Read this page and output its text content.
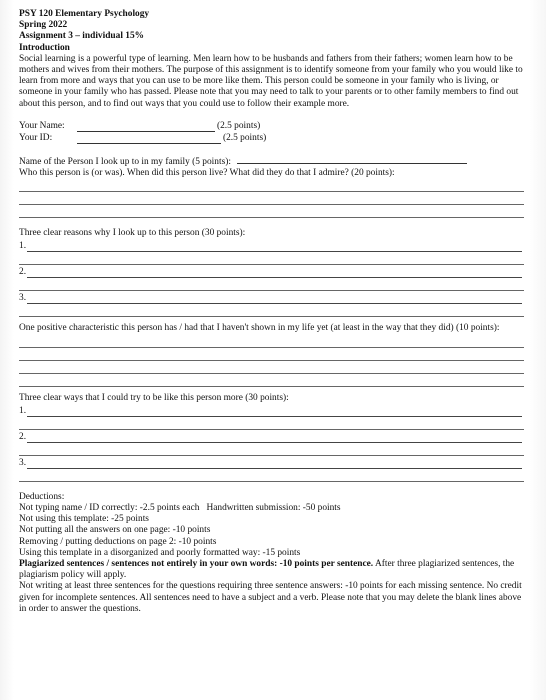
PSY 120 Elementary Psychology
Spring 2022
Assignment 3 – individual 15%
Introduction
Social learning is a powerful type of learning. Men learn how to be husbands and fathers from their fathers; women learn how to be mothers and wives from their mothers. The purpose of this assignment is to identify someone from your family who you would like to learn from more and ways that you can use to be more like them. This person could be someone in your family who is living, or someone in your family who has passed. Please note that you may need to talk to your parents or to other family members to find out about this person, and to find out ways that you could use to follow their example more.
Your Name:	(2.5 points)
Your ID:	(2.5 points)
Name of the Person I look up to in my family (5 points):
Who this person is (or was). When did this person live? What did they do that I admire? (20 points):
Three clear reasons why I look up to this person (30 points):
1.
2.
3.
One positive characteristic this person has / had that I haven't shown in my life yet (at least in the way that they did) (10 points):
Three clear ways that I could try to be like this person more (30 points):
1.
2.
3.
Deductions:
Not typing name / ID correctly: -2.5 points each Handwritten submission: -50 points
Not using this template: -25 points
Not putting all the answers on one page: -10 points
Removing / putting deductions on page 2: -10 points
Using this template in a disorganized and poorly formatted way: -15 points
Plagiarized sentences / sentences not entirely in your own words: -10 points per sentence. After three plagiarized sentences, the plagiarism policy will apply.
Not writing at least three sentences for the questions requiring three sentence answers: -10 points for each missing sentence. No credit given for incomplete sentences. All sentences need to have a subject and a verb. Please note that you may delete the blank lines above in order to answer the questions.
